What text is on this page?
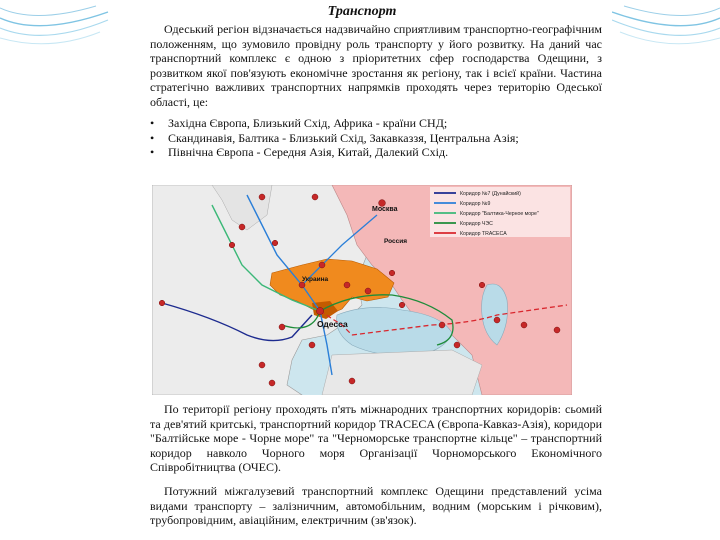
Транспорт

Одеський регіон відзначається надзвичайно сприятливим транспортно-географічним положенням, що зумовило провідну роль транспорту у його розвитку. На даний час транспортний комплекс є одною з пріоритетних сфер господарства Одещини, з розвитком якої пов'язують економічне зростання як регіону, так і всієї країни. Частина стратегічно важливих транспортних напрямків проходять через територію Одеської області, це:

• Західна Європа, Близький Схід, Африка - країни СНД;
• Скандинавія, Балтика - Близький Схід, Закавказзя, Центральна Азія;
• Північна Європа - Середня Азія, Китай, Далекий Схід.
Москва
Россия
Украина
Одесса
Коридор №7 (Дунайский)
Коридор №9
Коридор "Балтика-Черное море"
Коридор ЧЭС
Коридор TRACECA

По території регіону проходять п'ять міжнародних транспортних коридорів: сьомий та дев'ятий критські, транспортний коридор TRACECA (Європа-Кавказ-Азія), коридори "Балтійське море - Чорне море" та "Черноморське транспортне кільце" – транспортний коридор навколо Чорного моря Організації Чорноморського Економічного Співробітництва (ОЧЕС).

Потужний міжгалузевий транспортний комплекс Одещини представлений усіма видами транспорту – залізничним, автомобільним, водним (морським і річковим), трубопровідним, авіаційним, електричним (зв'язок).
